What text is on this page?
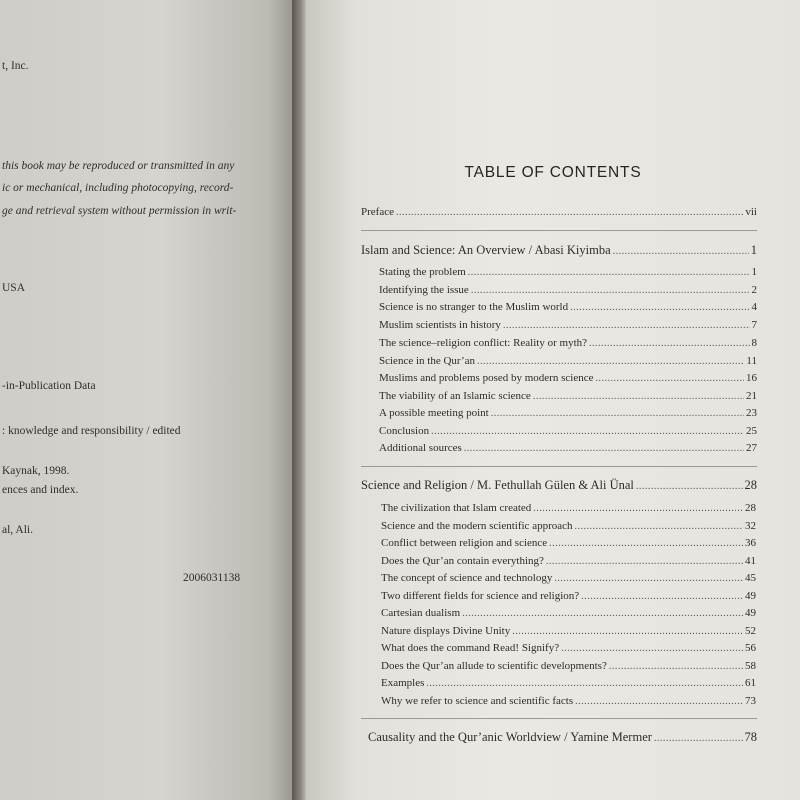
t, Inc.
this book may be reproduced or transmitted in any
ic or mechanical, including photocopying, record-
ge and retrieval system without permission in writ-
USA
-in-Publication Data
: knowledge and responsibility / edited
Kaynak, 1998.
ences and index.
al, Ali.
2006031138
TABLE OF CONTENTS
Preface .....	vii
Islam and Science: An Overview / Abasi Kiyimba .....	1
Stating the problem .....	1
Identifying the issue .....	2
Science is no stranger to the Muslim world .....	4
Muslim scientists in history .....	7
The science–religion conflict: Reality or myth? .....	8
Science in the Qur’an .....	11
Muslims and problems posed by modern science .....	16
The viability of an Islamic science .....	21
A possible meeting point .....	23
Conclusion .....	25
Additional sources .....	27
Science and Religion / M. Fethullah Gülen & Ali Ünal .....	28
The civilization that Islam created .....	28
Science and the modern scientific approach .....	32
Conflict between religion and science .....	36
Does the Qur’an contain everything? .....	41
The concept of science and technology .....	45
Two different fields for science and religion? .....	49
Cartesian dualism .....	49
Nature displays Divine Unity .....	52
What does the command Read! Signify? .....	56
Does the Qur’an allude to scientific developments? .....	58
Examples .....	61
Why we refer to science and scientific facts .....	73
Causality and the Qur’anic Worldview / Yamine Mermer .....	78
